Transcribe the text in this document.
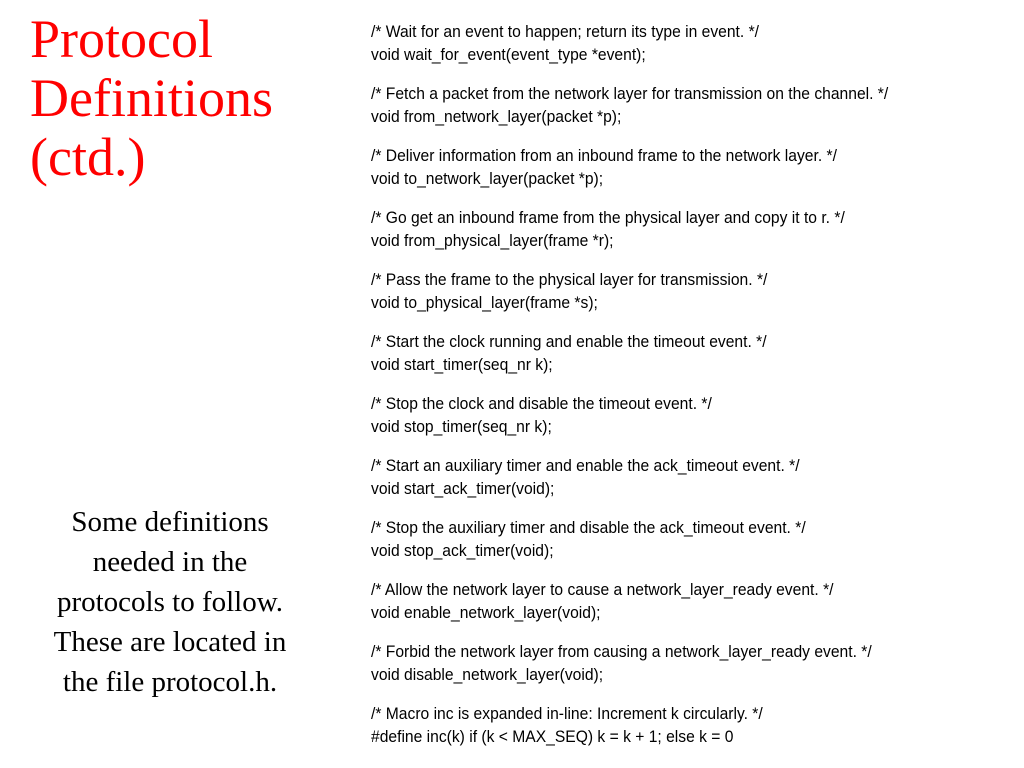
Protocol
Definitions
(ctd.)
Some definitions
needed in the
protocols to follow.
These are located in
the file protocol.h.
/* Wait for an event to happen; return its type in event. */
void wait_for_event(event_type *event);
/* Fetch a packet from the network layer for transmission on the channel. */
void from_network_layer(packet *p);
/* Deliver information from an inbound frame to the network layer. */
void to_network_layer(packet *p);
/* Go get an inbound frame from the physical layer and copy it to r. */
void from_physical_layer(frame *r);
/* Pass the frame to the physical layer for transmission. */
void to_physical_layer(frame *s);
/* Start the clock running and enable the timeout event. */
void start_timer(seq_nr k);
/* Stop the clock and disable the timeout event. */
void stop_timer(seq_nr k);
/* Start an auxiliary timer and enable the ack_timeout event. */
void start_ack_timer(void);
/* Stop the auxiliary timer and disable the ack_timeout event. */
void stop_ack_timer(void);
/* Allow the network layer to cause a network_layer_ready event. */
void enable_network_layer(void);
/* Forbid the network layer from causing a network_layer_ready event. */
void disable_network_layer(void);
/* Macro inc is expanded in-line: Increment k circularly. */
#define inc(k) if (k < MAX_SEQ) k = k + 1; else k = 0
